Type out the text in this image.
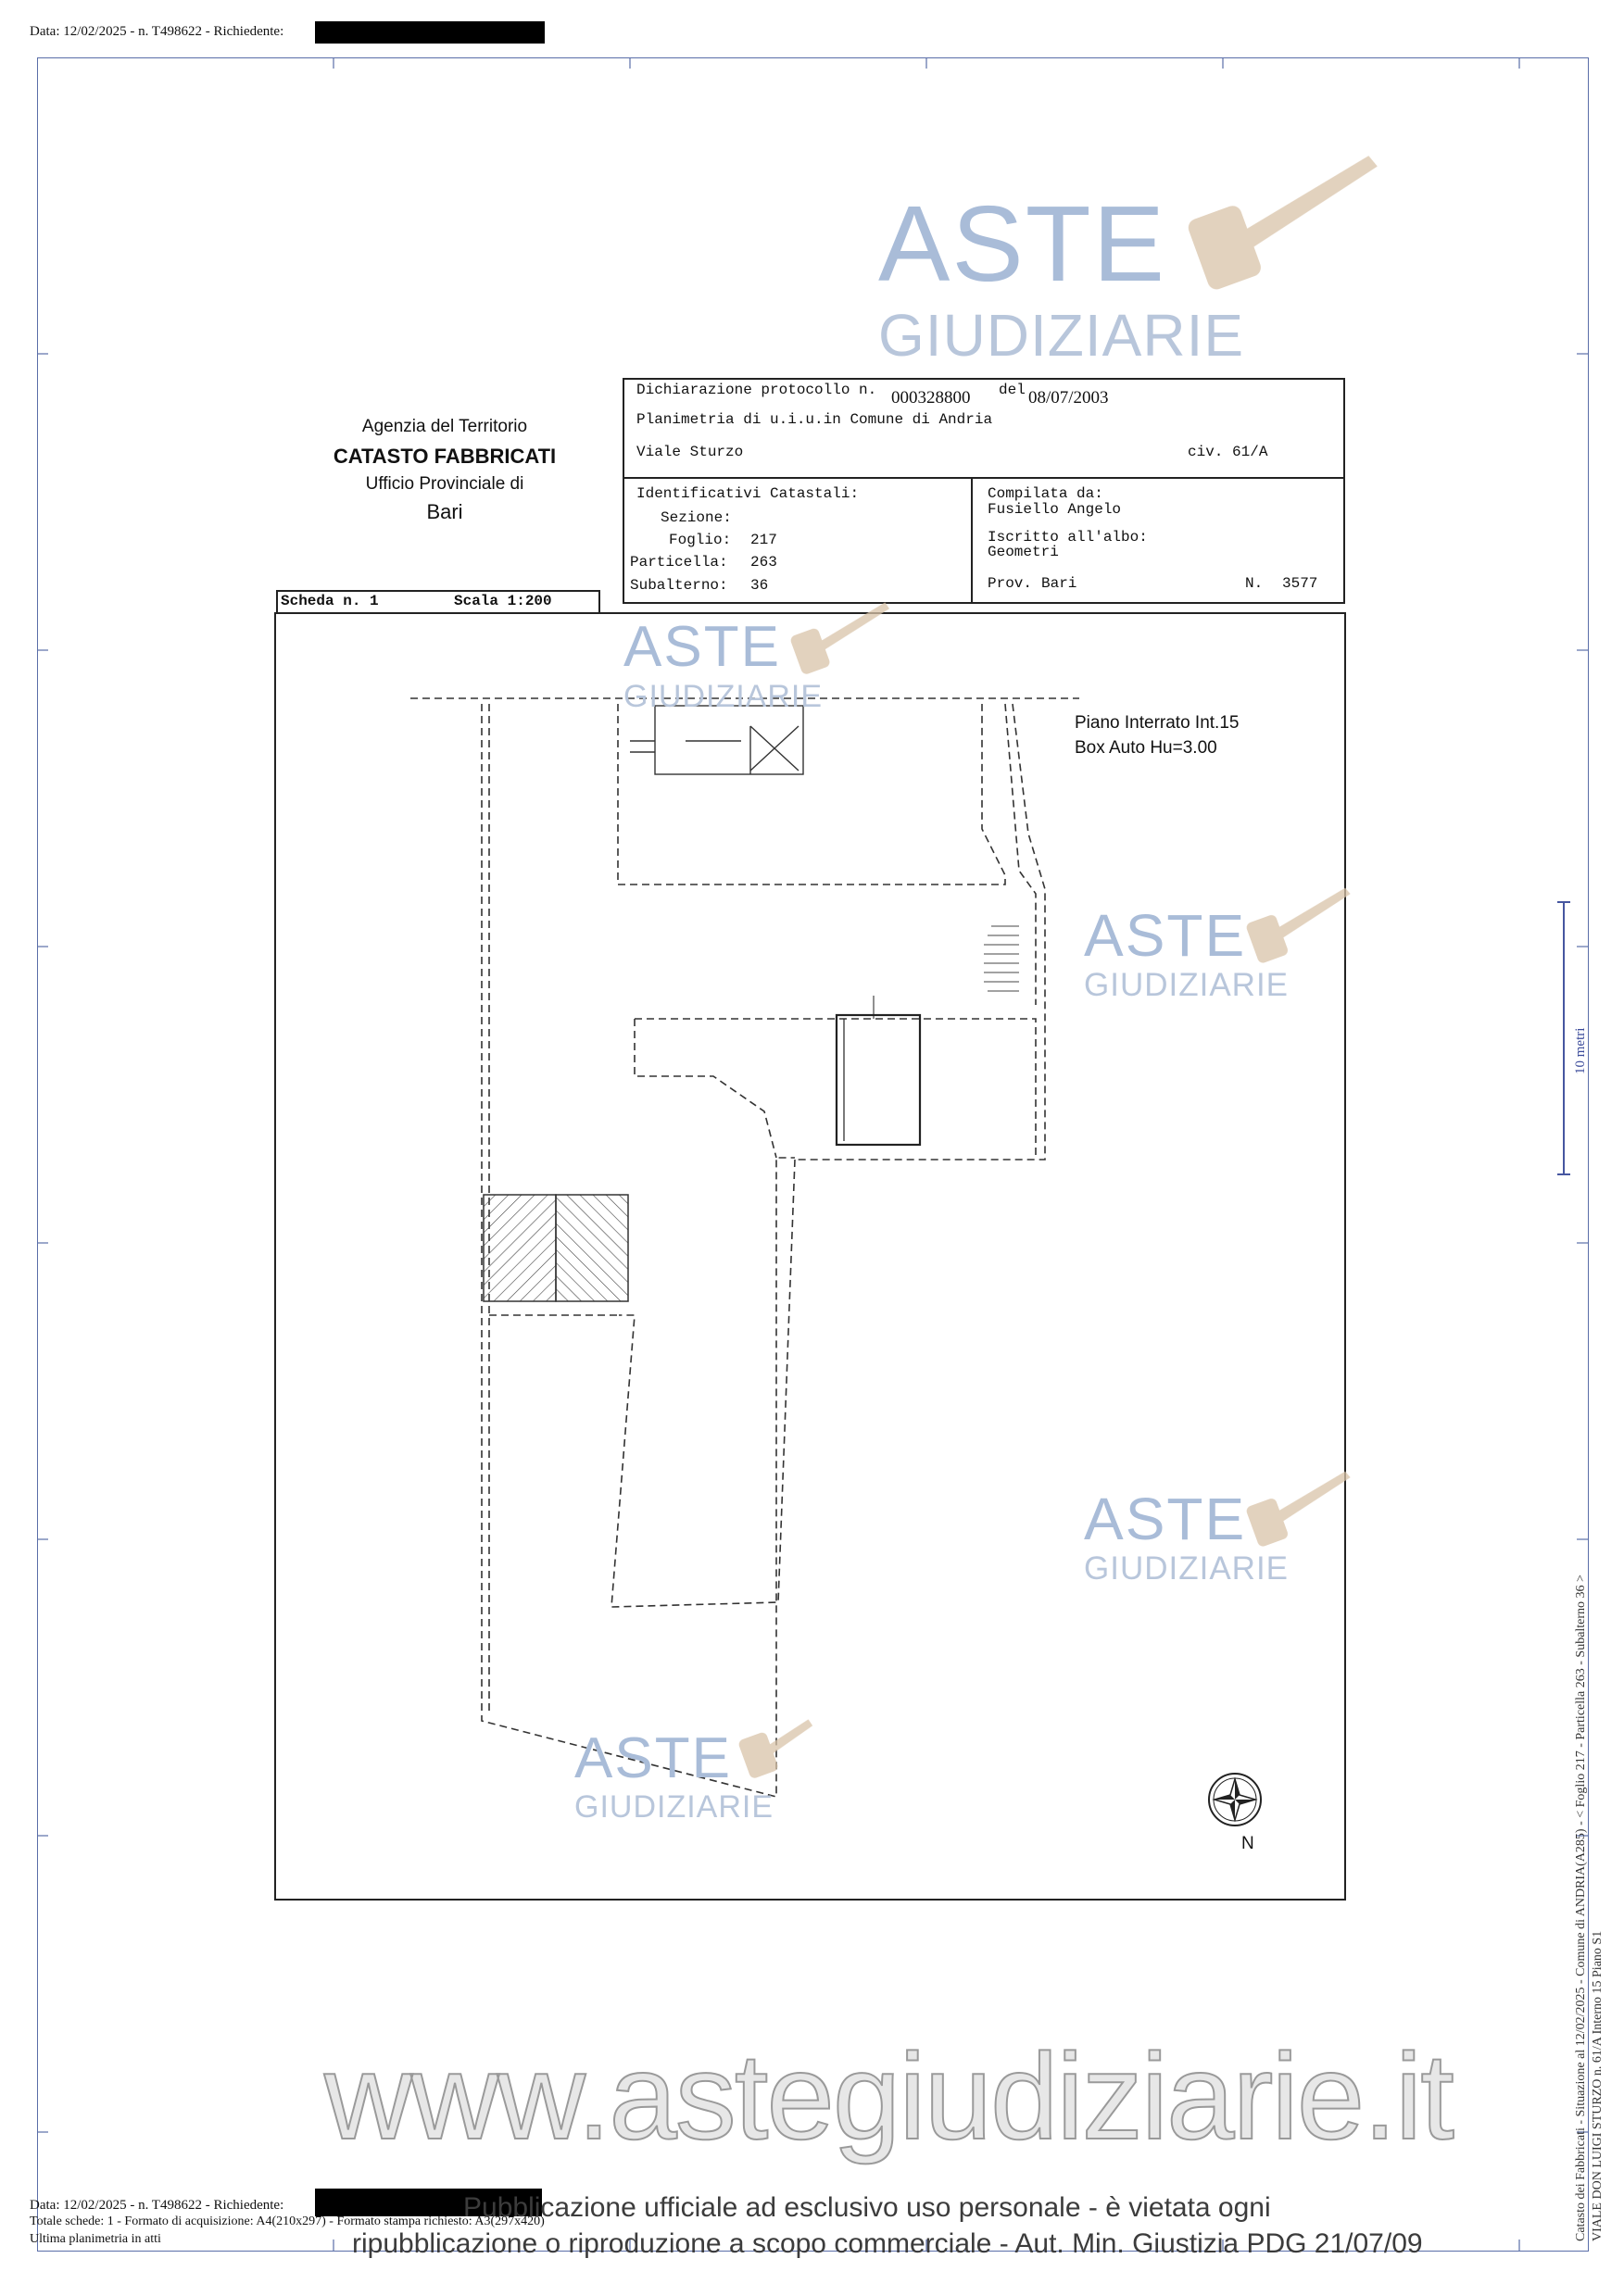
Data: 12/02/2025 - n. T498622 - Richiedente:
Agenzia del Territorio
CATASTO FABBRICATI
Ufficio Provinciale di
Bari
Dichiarazione protocollo n. 000328800 del 08/07/2003
Planimetria di u.i.u.in Comune di Andria
Viale Sturzo	civ. 61/A
Identificativi Catastali:
Sezione:
Foglio: 217
Particella: 263
Subalterno: 36
Compilata da:
Fusiello Angelo
Iscritto all'albo:
Geometri
Prov. Bari	N. 3577
Scheda n. 1	Scala 1:200
Piano Interrato Int.15
Box Auto Hu=3.00
N
10 metri
ASTE
GIUDIZIARIE
ASTE
GIUDIZIARIE
ASTE
GIUDIZIARIE
ASTE
GIUDIZIARIE
ASTE
GIUDIZIARIE
www.astegiudiziarie.it
Data: 12/02/2025 - n. T498622 - Richiedente:
Totale schede: 1 - Formato di acquisizione: A4(210x297) - Formato stampa richiesto: A3(297x420)
Ultima planimetria in atti
Pubblicazione ufficiale ad esclusivo uso personale - è vietata ogni
ripubblicazione o riproduzione a scopo commerciale - Aut. Min. Giustizia PDG 21/07/09
Catasto dei Fabbricati - Situazione al 12/02/2025 - Comune di ANDRIA(A285) - < Foglio 217 - Particella 263 - Subalterno 36 > VIALE DON LUIGI STURZO n. 61/A Interno 15 Piano S1
